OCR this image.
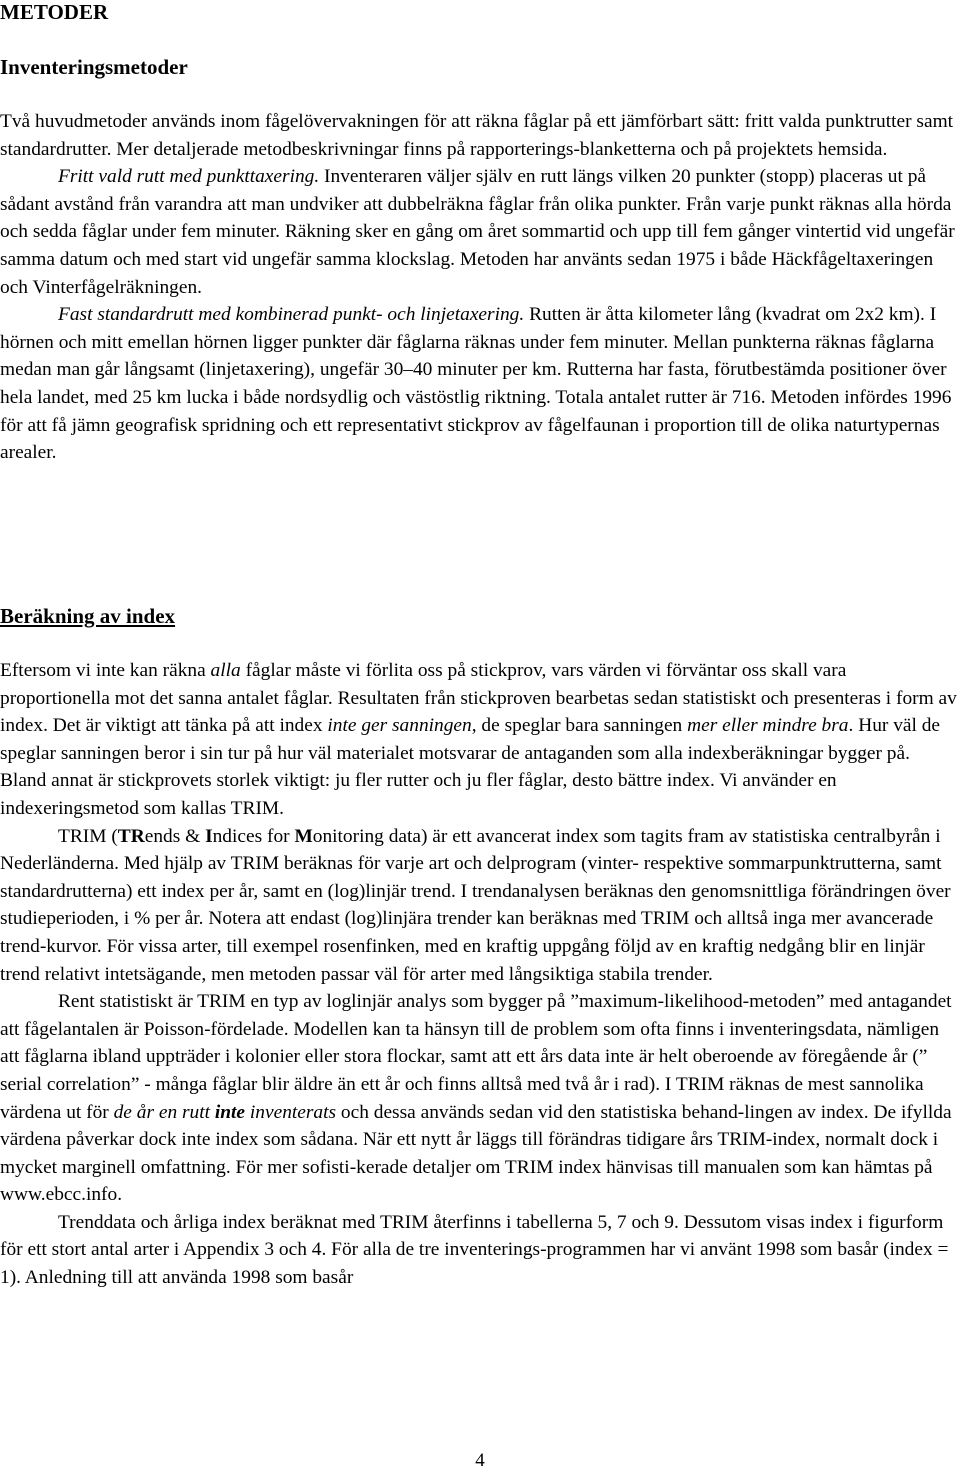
METODER
Inventeringsmetoder

Två huvudmetoder används inom fågelövervakningen för att räkna fåglar på ett jämförbart sätt: fritt valda punktrutter samt standardrutter. Mer detaljerade metodbeskrivningar finns på rapporterings-blanketterna och på projektets hemsida.

Fritt vald rutt med punkttaxering. Inventeraren väljer själv en rutt längs vilken 20 punkter (stopp) placeras ut på sådant avstånd från varandra att man undviker att dubbelräkna fåglar från olika punkter. Från varje punkt räknas alla hörda och sedda fåglar under fem minuter. Räkning sker en gång om året sommartid och upp till fem gånger vintertid vid ungefär samma datum och med start vid ungefär samma klockslag. Metoden har använts sedan 1975 i både Häckfågeltaxeringen och Vinterfågelräkningen.

Fast standardrutt med kombinerad punkt- och linjetaxering. Rutten är åtta kilometer lång (kvadrat om 2x2 km). I hörnen och mitt emellan hörnen ligger punkter där fåglarna räknas under fem minuter. Mellan punkterna räknas fåglarna medan man går långsamt (linjetaxering), ungefär 30–40 minuter per km. Rutterna har fasta, förutbestämda positioner över hela landet, med 25 km lucka i både nordsydlig och västöstlig riktning. Totala antalet rutter är 716. Metoden infördes 1996 för att få jämn geografisk spridning och ett representativt stickprov av fågelfaunan i proportion till de olika naturtypernas arealer.

Beräkning av index

Eftersom vi inte kan räkna alla fåglar måste vi förlita oss på stickprov, vars värden vi förväntar oss skall vara proportionella mot det sanna antalet fåglar. Resultaten från stickproven bearbetas sedan statistiskt och presenteras i form av index. Det är viktigt att tänka på att index inte ger sanningen, de speglar bara sanningen mer eller mindre bra. Hur väl de speglar sanningen beror i sin tur på hur väl materialet motsvarar de antaganden som alla indexberäkningar bygger på. Bland annat är stickprovets storlek viktigt: ju fler rutter och ju fler fåglar, desto bättre index. Vi använder en indexeringsmetod som kallas TRIM.

TRIM (TRends & Indices for Monitoring data) är ett avancerat index som tagits fram av statistiska centralbyrån i Nederländerna. Med hjälp av TRIM beräknas för varje art och delprogram (vinter- respektive sommarpunktrutterna, samt standardrutterna) ett index per år, samt en (log)linjär trend. I trendanalysen beräknas den genomsnittliga förändringen över studieperioden, i % per år. Notera att endast (log)linjära trender kan beräknas med TRIM och alltså inga mer avancerade trend-kurvor. För vissa arter, till exempel rosenfinken, med en kraftig uppgång följd av en kraftig nedgång blir en linjär trend relativt intetsägande, men metoden passar väl för arter med långsiktiga stabila trender.

Rent statistiskt är TRIM en typ av loglinjär analys som bygger på ”maximum-likelihood-metoden” med antagandet att fågelantalen är Poisson-fördelade. Modellen kan ta hänsyn till de problem som ofta finns i inventeringsdata, nämligen att fåglarna ibland uppträder i kolonier eller stora flockar, samt att ett års data inte är helt oberoende av föregående år (” serial correlation” - många fåglar blir äldre än ett år och finns alltså med två år i rad). I TRIM räknas de mest sannolika värdena ut för de år en rutt inte inventerats och dessa används sedan vid den statistiska behand-lingen av index. De ifyllda värdena påverkar dock inte index som sådana. När ett nytt år läggs till förändras tidigare års TRIM-index, normalt dock i mycket marginell omfattning. För mer sofisti-kerade detaljer om TRIM index hänvisas till manualen som kan hämtas på www.ebcc.info.

Trenddata och årliga index beräknat med TRIM återfinns i tabellerna 5, 7 och 9. Dessutom visas index i figurform för ett stort antal arter i Appendix 3 och 4. För alla de tre inventerings-programmen har vi använt 1998 som basår (index = 1). Anledning till att använda 1998 som basår

4
